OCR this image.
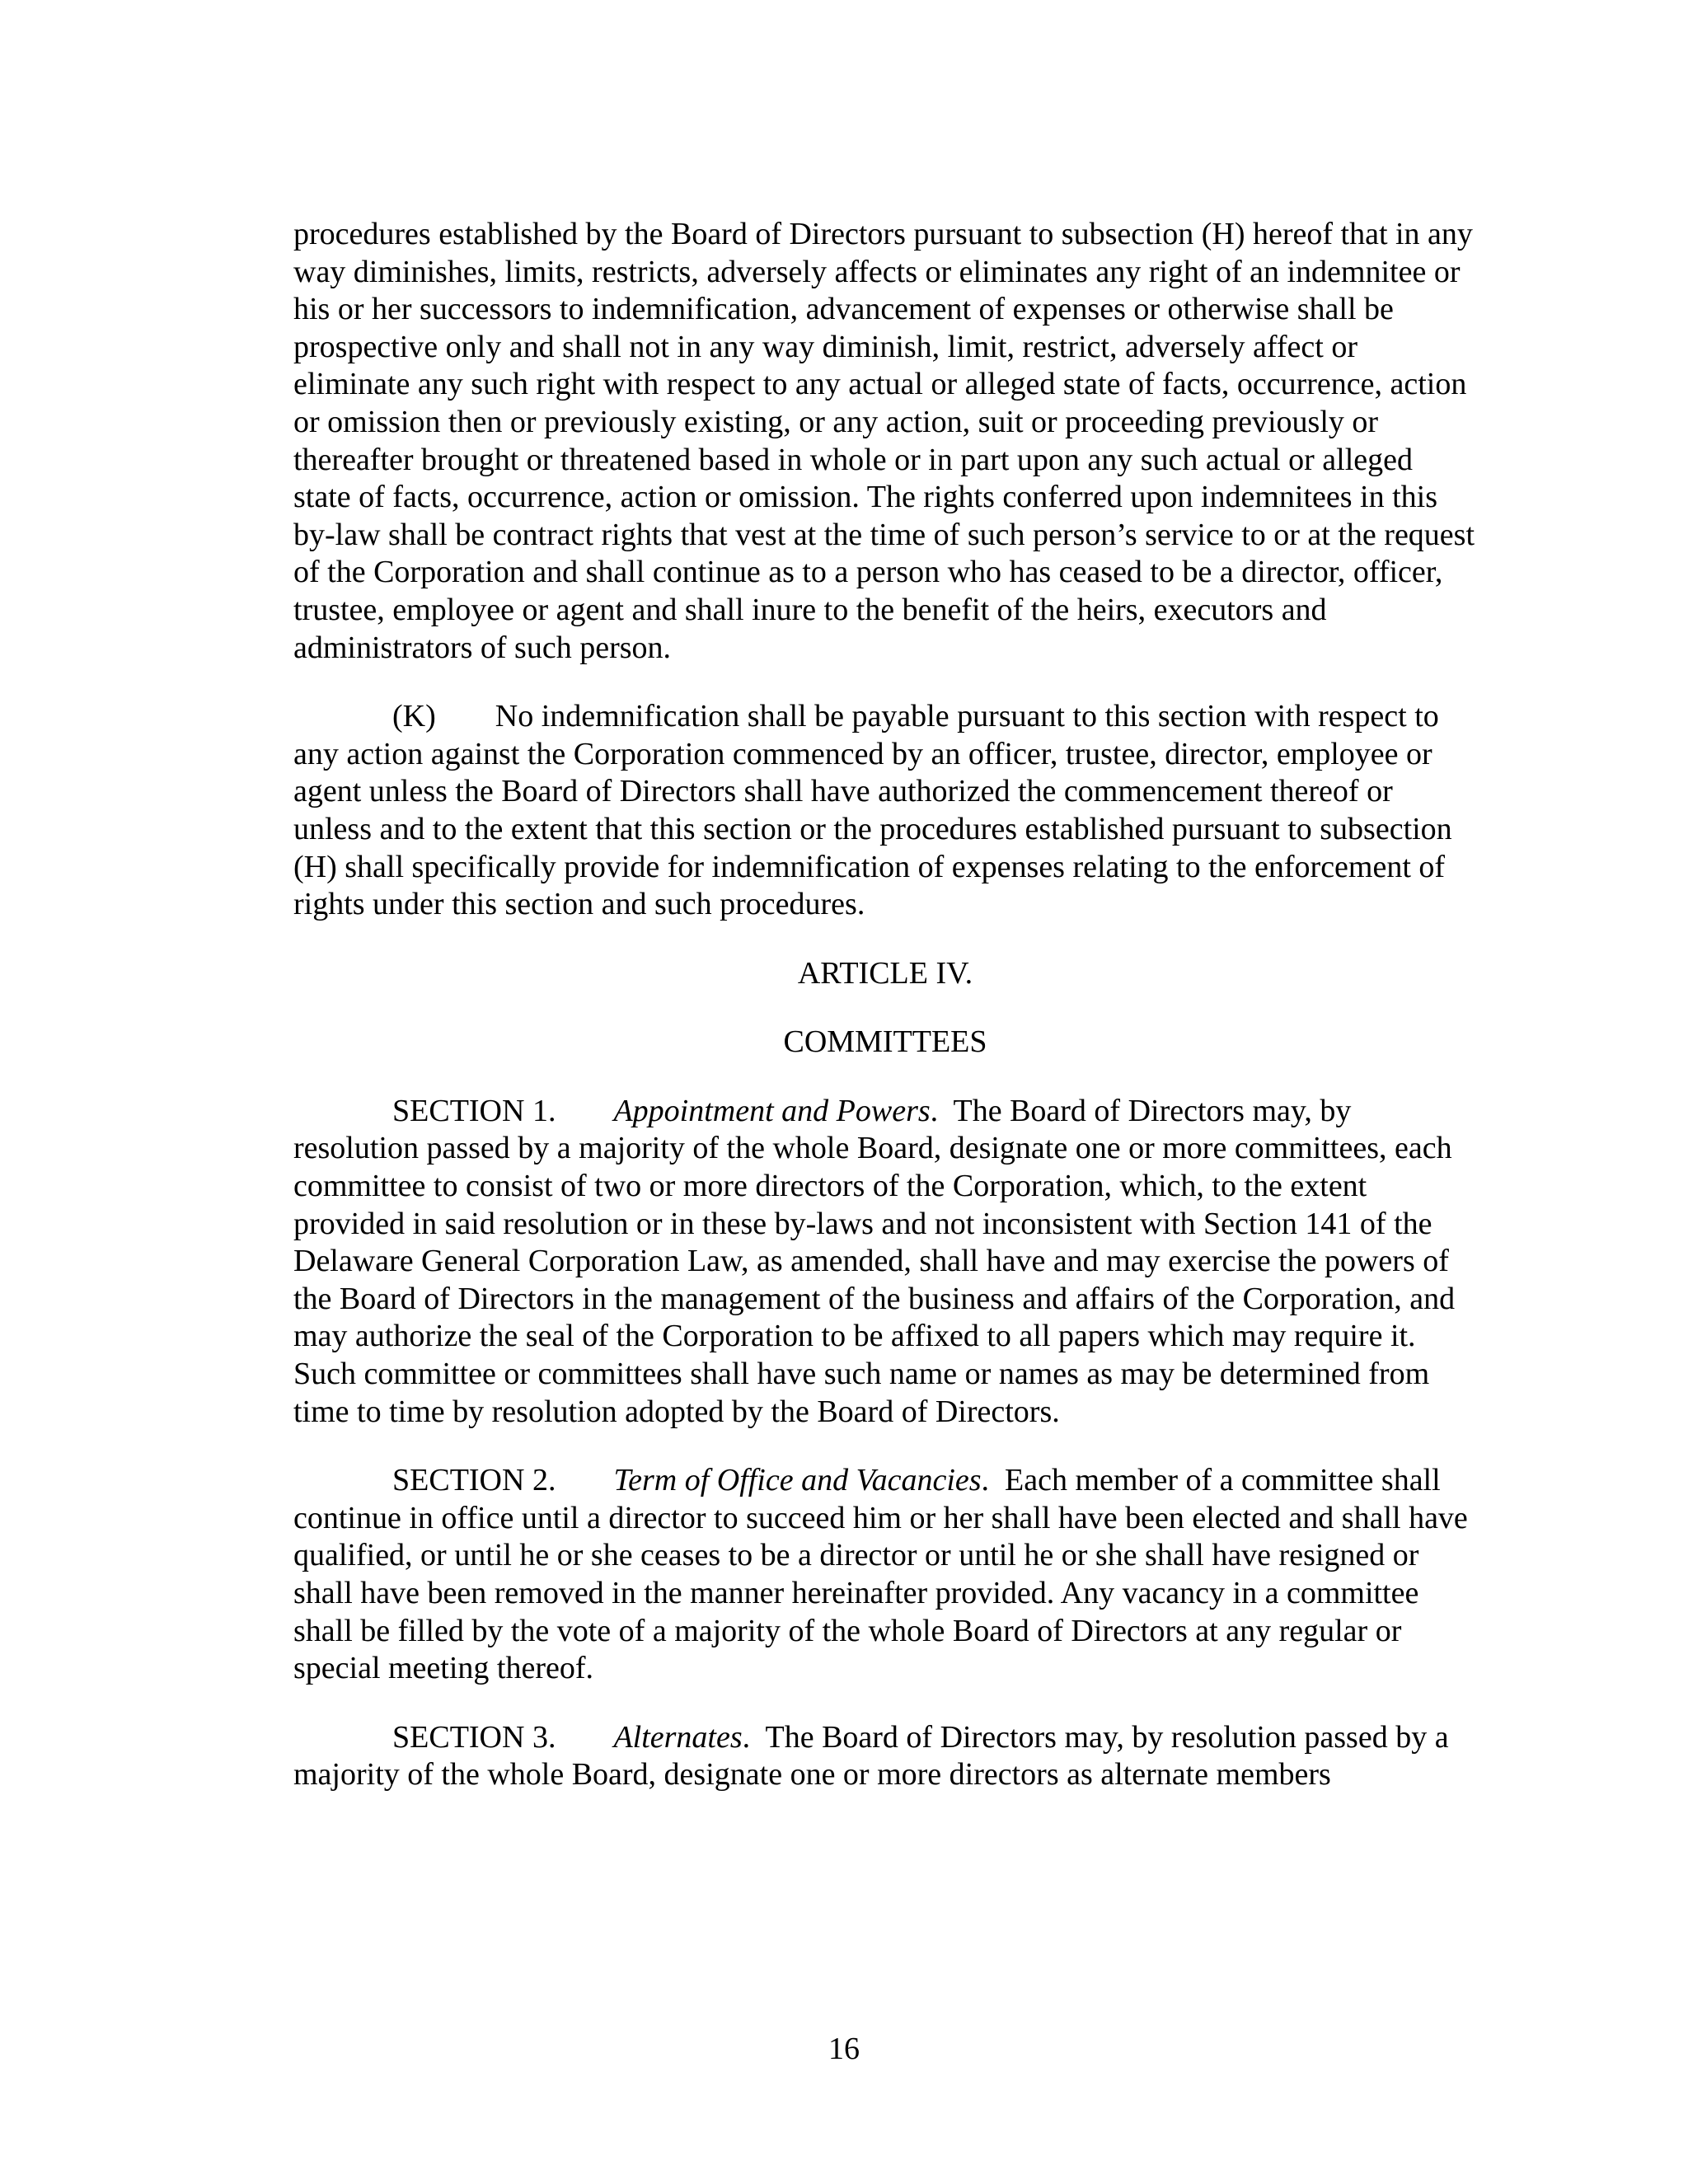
procedures established by the Board of Directors pursuant to subsection (H) hereof that in any way diminishes, limits, restricts, adversely affects or eliminates any right of an indemnitee or his or her successors to indemnification, advancement of expenses or otherwise shall be prospective only and shall not in any way diminish, limit, restrict, adversely affect or eliminate any such right with respect to any actual or alleged state of facts, occurrence, action or omission then or previously existing, or any action, suit or proceeding previously or thereafter brought or threatened based in whole or in part upon any such actual or alleged state of facts, occurrence, action or omission. The rights conferred upon indemnitees in this by-law shall be contract rights that vest at the time of such person’s service to or at the request of the Corporation and shall continue as to a person who has ceased to be a director, officer, trustee, employee or agent and shall inure to the benefit of the heirs, executors and administrators of such person.

(K) No indemnification shall be payable pursuant to this section with respect to any action against the Corporation commenced by an officer, trustee, director, employee or agent unless the Board of Directors shall have authorized the commencement thereof or unless and to the extent that this section or the procedures established pursuant to subsection (H) shall specifically provide for indemnification of expenses relating to the enforcement of rights under this section and such procedures.

ARTICLE IV.

COMMITTEES

SECTION 1. Appointment and Powers.  The Board of Directors may, by resolution passed by a majority of the whole Board, designate one or more committees, each committee to consist of two or more directors of the Corporation, which, to the extent provided in said resolution or in these by-laws and not inconsistent with Section 141 of the Delaware General Corporation Law, as amended, shall have and may exercise the powers of the Board of Directors in the management of the business and affairs of the Corporation, and may authorize the seal of the Corporation to be affixed to all papers which may require it. Such committee or committees shall have such name or names as may be determined from time to time by resolution adopted by the Board of Directors.

SECTION 2. Term of Office and Vacancies.  Each member of a committee shall continue in office until a director to succeed him or her shall have been elected and shall have qualified, or until he or she ceases to be a director or until he or she shall have resigned or shall have been removed in the manner hereinafter provided. Any vacancy in a committee shall be filled by the vote of a majority of the whole Board of Directors at any regular or special meeting thereof.

SECTION 3. Alternates.  The Board of Directors may, by resolution passed by a majority of the whole Board, designate one or more directors as alternate members

16
